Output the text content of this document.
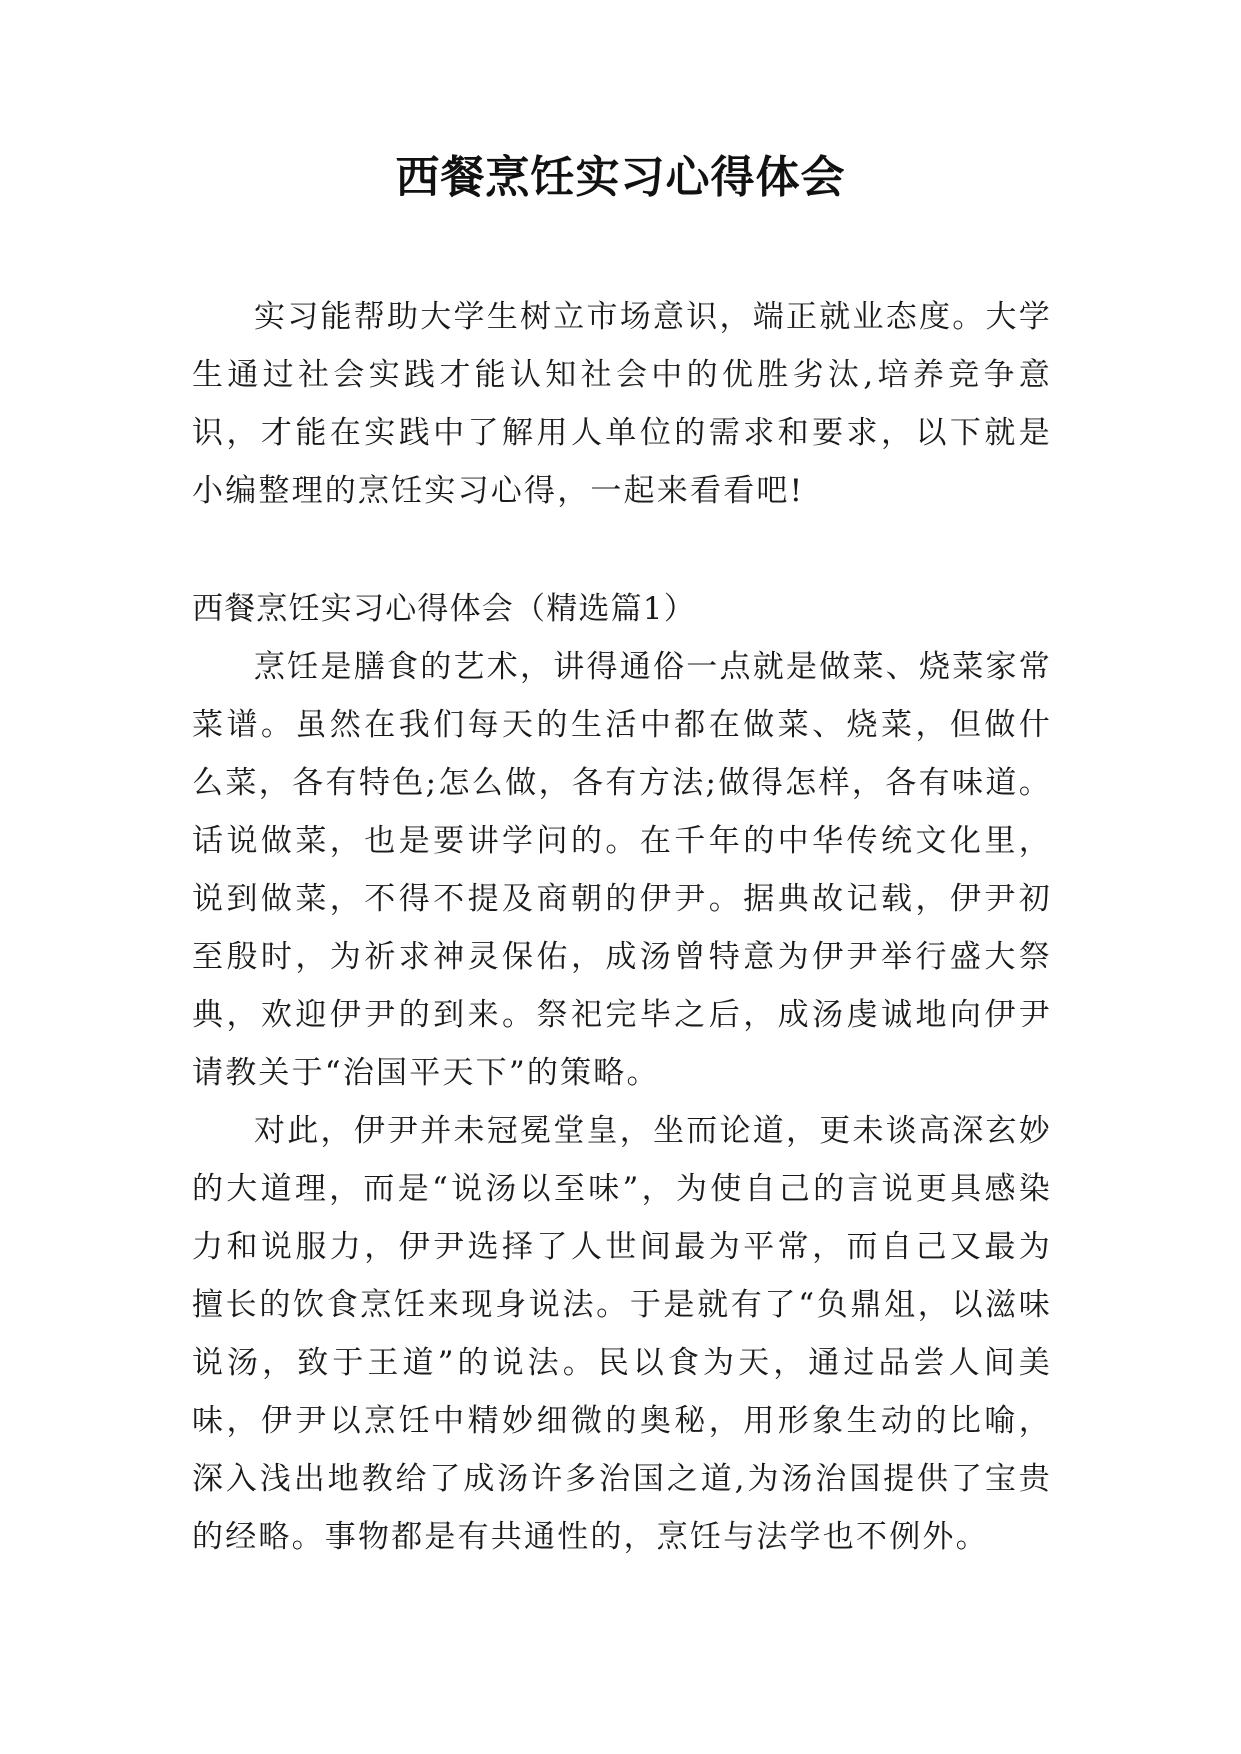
西餐烹饪实习心得体会

实习能帮助大学生树立市场意识，端正就业态度。大学生通过社会实践才能认知社会中的优胜劣汰,培养竞争意识，才能在实践中了解用人单位的需求和要求，以下就是小编整理的烹饪实习心得，一起来看看吧!

西餐烹饪实习心得体会（精选篇1）

烹饪是膳食的艺术，讲得通俗一点就是做菜、烧菜家常菜谱。虽然在我们每天的生活中都在做菜、烧菜，但做什么菜，各有特色;怎么做，各有方法;做得怎样，各有味道。话说做菜，也是要讲学问的。在千年的中华传统文化里，说到做菜，不得不提及商朝的伊尹。据典故记载，伊尹初至殷时，为祈求神灵保佑，成汤曾特意为伊尹举行盛大祭典，欢迎伊尹的到来。祭祀完毕之后，成汤虔诚地向伊尹请教关于“治国平天下”的策略。

对此，伊尹并未冠冕堂皇，坐而论道，更未谈高深玄妙的大道理，而是“说汤以至味”，为使自己的言说更具感染力和说服力，伊尹选择了人世间最为平常，而自己又最为擅长的饮食烹饪来现身说法。于是就有了“负鼎俎，以滋味说汤，致于王道”的说法。民以食为天，通过品尝人间美味，伊尹以烹饪中精妙细微的奥秘，用形象生动的比喻，深入浅出地教给了成汤许多治国之道,为汤治国提供了宝贵的经略。事物都是有共通性的，烹饪与法学也不例外。
